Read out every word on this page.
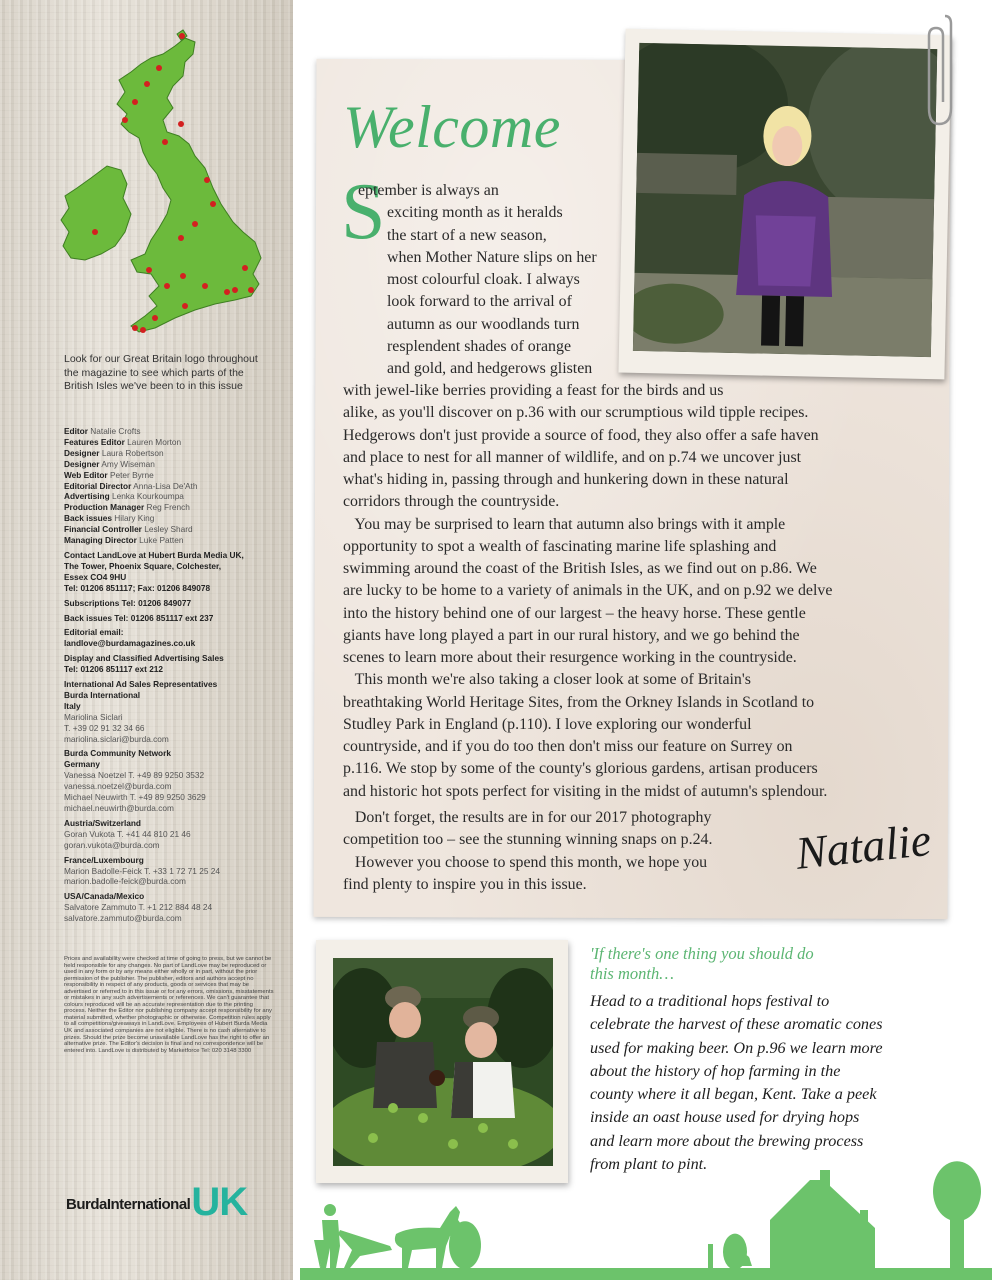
Look for our Great Britain logo throughout the magazine to see which parts of the British Isles we've been to in this issue
Editor Natalie Crofts
Features Editor Lauren Morton
Designer Laura Robertson
Designer Amy Wiseman
Web Editor Peter Byrne
Editorial Director Anna-Lisa De'Ath
Advertising Lenka Kourkoumpa
Production Manager Reg French
Back issues Hilary King
Financial Controller Lesley Shard
Managing Director Luke Patten
Contact LandLove at Hubert Burda Media UK,
The Tower, Phoenix Square, Colchester,
Essex CO4 9HU
Tel: 01206 851117; Fax: 01206 849078
Subscriptions Tel: 01206 849077
Back issues Tel: 01206 851117 ext 237
Editorial email:
landlove@burdamagazines.co.uk
Display and Classified Advertising Sales
Tel: 01206 851117 ext 212
International Ad Sales Representatives
Burda International
Italy
Mariolina Siclari
T. +39 02 91 32 34 66
mariolina.siclari@burda.com
Burda Community Network
Germany
Vanessa Noetzel T. +49 89 9250 3532
vanessa.noetzel@burda.com
Michael Neuwirth T. +49 89 9250 3629
michael.neuwirth@burda.com
Austria/Switzerland
Goran Vukota T. +41 44 810 21 46
goran.vukota@burda.com
France/Luxembourg
Marion Badolle-Feick T. +33 1 72 71 25 24
marion.badolle-feick@burda.com
USA/Canada/Mexico
Salvatore Zammuto T. +1 212 884 48 24
salvatore.zammuto@burda.com
Prices and availability were checked at time of going to press, but we cannot be held responsible for any changes. No part of LandLove may be reproduced or used in any form or by any means either wholly or in part, without the prior permission of the publisher. The publisher, editors and authors accept no responsibility in respect of any products, goods or services that may be advertised or referred to in this issue or for any errors, omissions, misstatements or mistakes in any such advertisements or references. We can't guarantee that colours reproduced will be an accurate representation due to the printing process. Neither the Editor nor publishing company accept responsibility for any material submitted, whether photographic or otherwise. Competition rules apply to all competitions/giveaways in LandLove. Employees of Hubert Burda Media UK and associated companies are not eligible. There is no cash alternative to prizes. Should the prize become unavailable LandLove has the right to offer an alternative prize. The Editor's decision is final and no correspondence will be entered into. LandLove is distributed by Marketforce Tel: 020 3148 3300
BurdaInternational UK
Welcome
S
eptember is always an
exciting month as it heralds
the start of a new season,
when Mother Nature slips on her
most colourful cloak. I always
look forward to the arrival of
autumn as our woodlands turn
resplendent shades of orange
and gold, and hedgerows glisten
with jewel-like berries providing a feast for the birds and us
alike, as you'll discover on p.36 with our scrumptious wild tipple recipes.
Hedgerows don't just provide a source of food, they also offer a safe haven
and place to nest for all manner of wildlife, and on p.74 we uncover just
what's hiding in, passing through and hunkering down in these natural
corridors through the countryside.
You may be surprised to learn that autumn also brings with it ample
opportunity to spot a wealth of fascinating marine life splashing and
swimming around the coast of the British Isles, as we find out on p.86. We
are lucky to be home to a variety of animals in the UK, and on p.92 we delve
into the history behind one of our largest – the heavy horse. These gentle
giants have long played a part in our rural history, and we go behind the
scenes to learn more about their resurgence working in the countryside.
This month we're also taking a closer look at some of Britain's
breathtaking World Heritage Sites, from the Orkney Islands in Scotland to
Studley Park in England (p.110). I love exploring our wonderful
countryside, and if you do too then don't miss our feature on Surrey on
p.116. We stop by some of the county's glorious gardens, artisan producers
and historic hot spots perfect for visiting in the midst of autumn's splendour.
Don't forget, the results are in for our 2017 photography
competition too – see the stunning winning snaps on p.24.
However you choose to spend this month, we hope you
find plenty to inspire you in this issue.
Natalie
'If there's one thing you should do
this month…
Head to a traditional hops festival to
celebrate the harvest of these aromatic cones
used for making beer. On p.96 we learn more
about the history of hop farming in the
county where it all began, Kent. Take a peek
inside an oast house used for drying hops
and learn more about the brewing process
from plant to pint.
